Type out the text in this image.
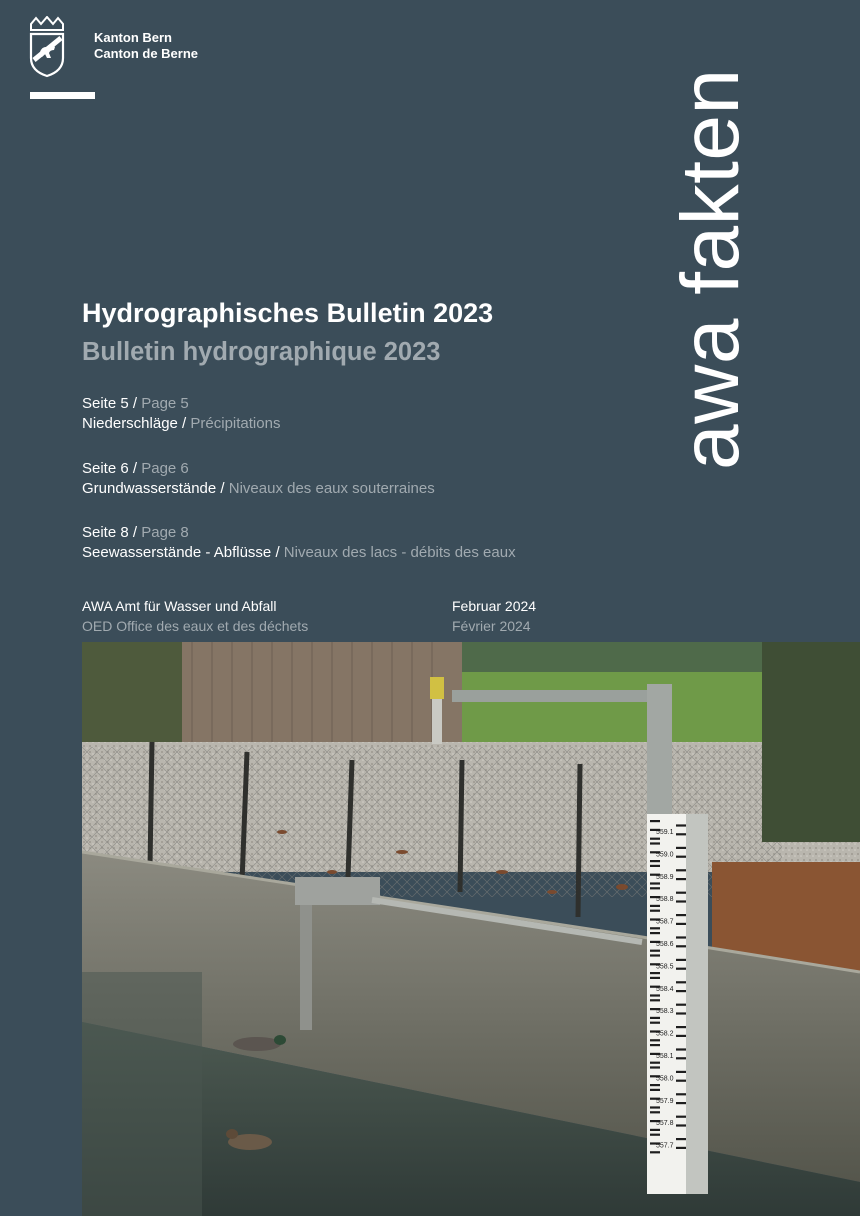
Kanton Bern
Canton de Berne
awa fakten
Hydrographisches Bulletin 2023
Bulletin hydrographique 2023
Seite 5 / Page 5
Niederschläge / Précipitations
Seite 6 / Page 6
Grundwasserstände / Niveaux des eaux souterraines
Seite 8 / Page 8
Seewasserstände - Abflüsse / Niveaux des lacs - débits des eaux
AWA Amt für Wasser und Abfall
OED Office des eaux et des déchets
Februar 2024
Février 2024
559.1
559.0
558.9
558.8
558.7
558.6
558.5
558.4
558.3
558.2
558.1
558.0
557.9
557.8
557.7
